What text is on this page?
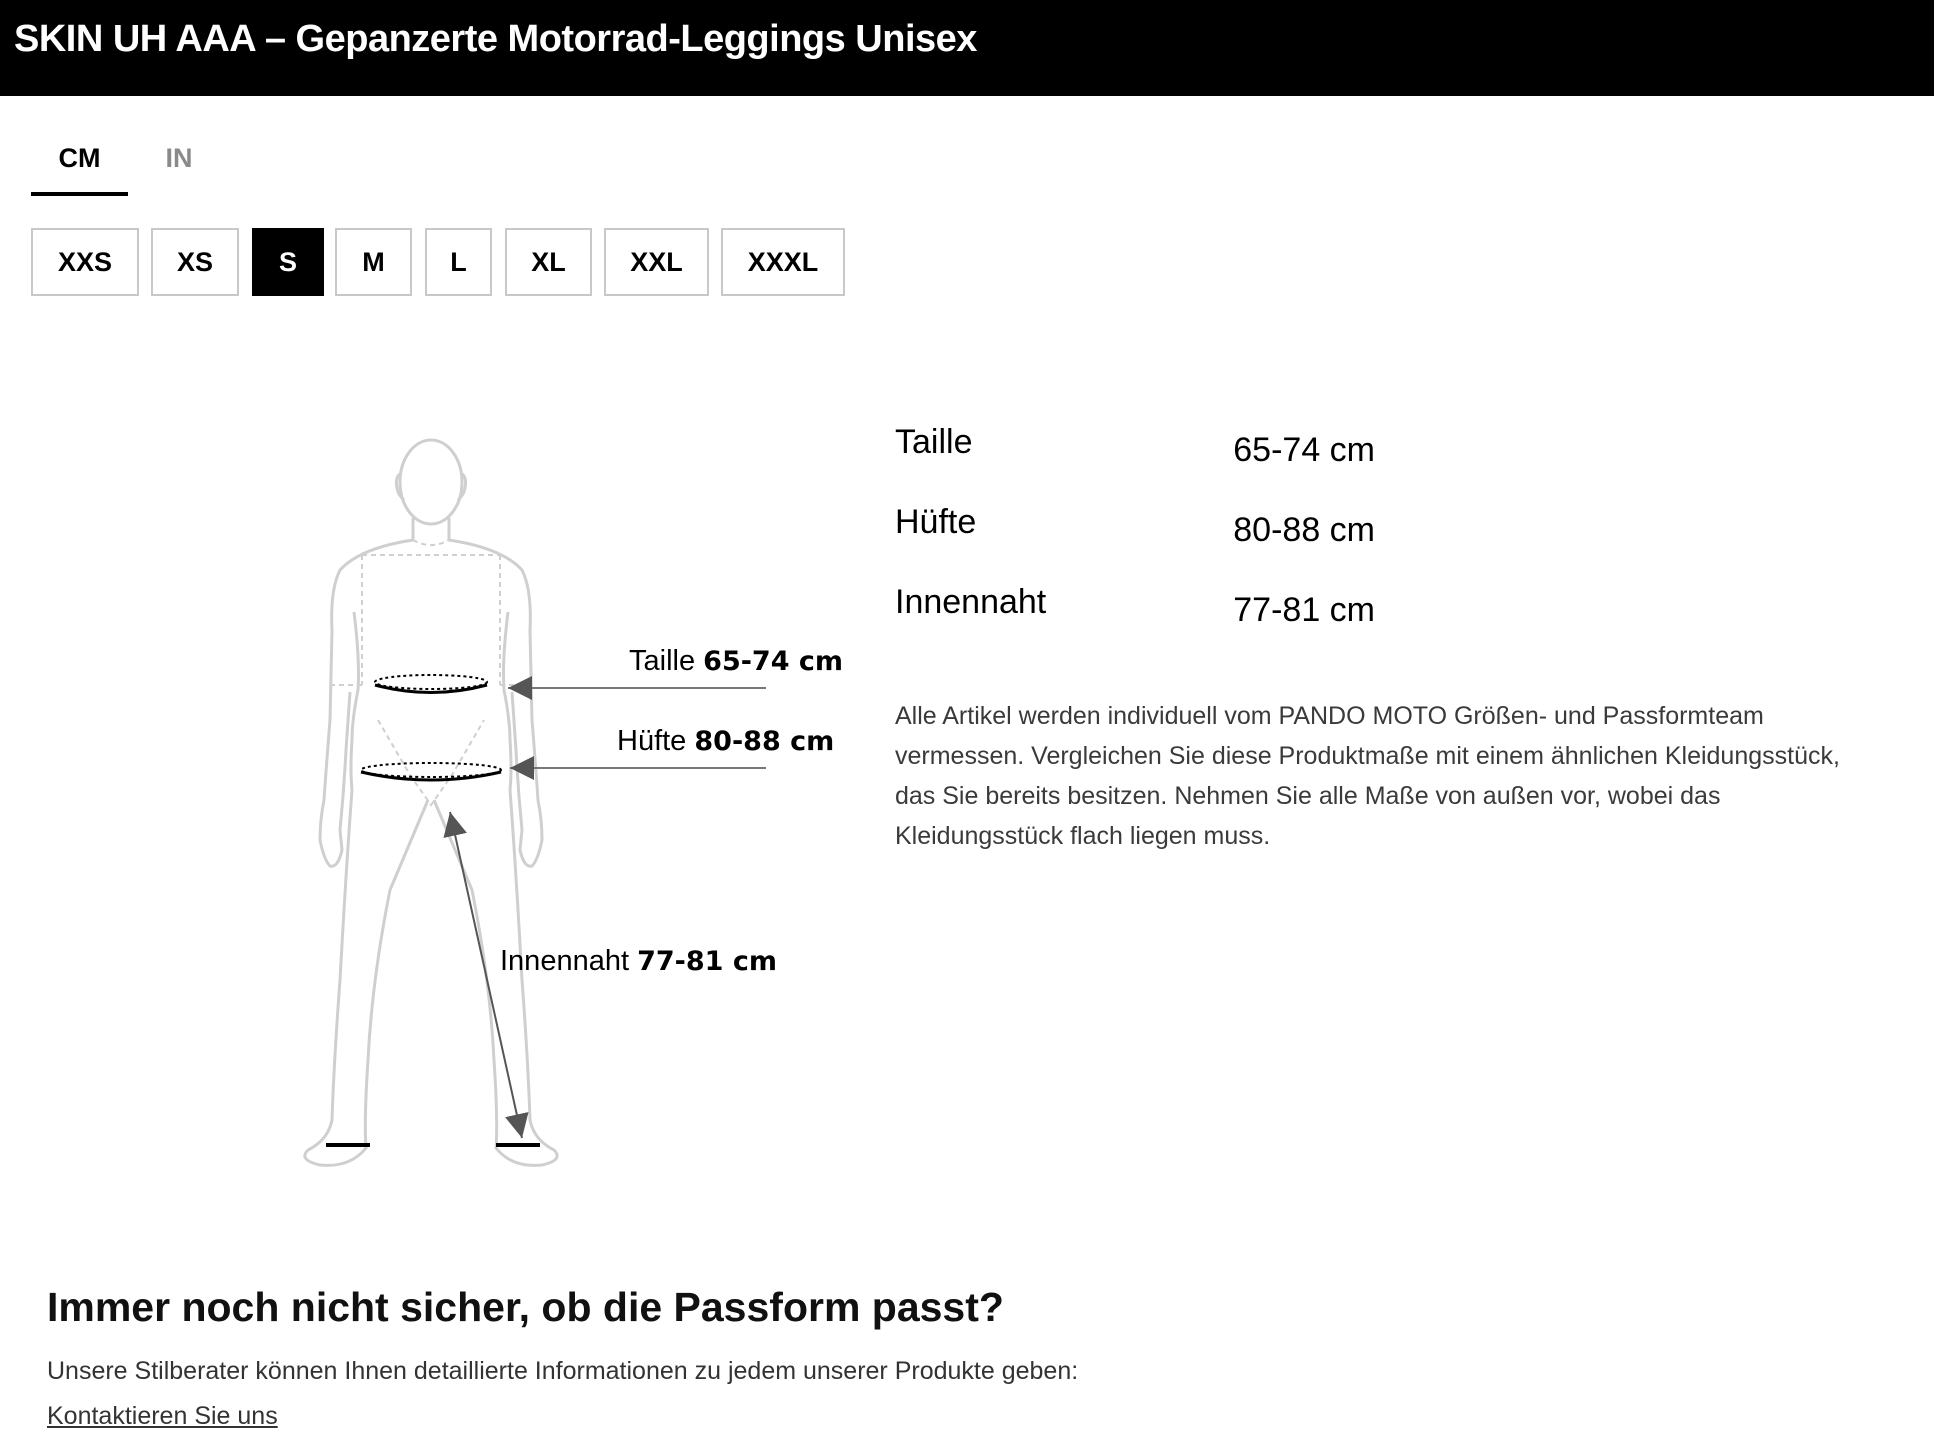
SKIN UH AAA – Gepanzerte Motorrad-Leggings Unisex
CM	IN
XXS	XS	S	M	L	XL	XXL	XXXL
Taille 65-74 cm
Hüfte 80-88 cm
Innennaht 77-81 cm
Taille	65-74 cm
Hüfte	80-88 cm
Innennaht	77-81 cm
Alle Artikel werden individuell vom PANDO MOTO Größen- und Passformteam vermessen. Vergleichen Sie diese Produktmaße mit einem ähnlichen Kleidungsstück, das Sie bereits besitzen. Nehmen Sie alle Maße von außen vor, wobei das Kleidungsstück flach liegen muss.
Immer noch nicht sicher, ob die Passform passt?
Unsere Stilberater können Ihnen detaillierte Informationen zu jedem unserer Produkte geben:
Kontaktieren Sie uns
